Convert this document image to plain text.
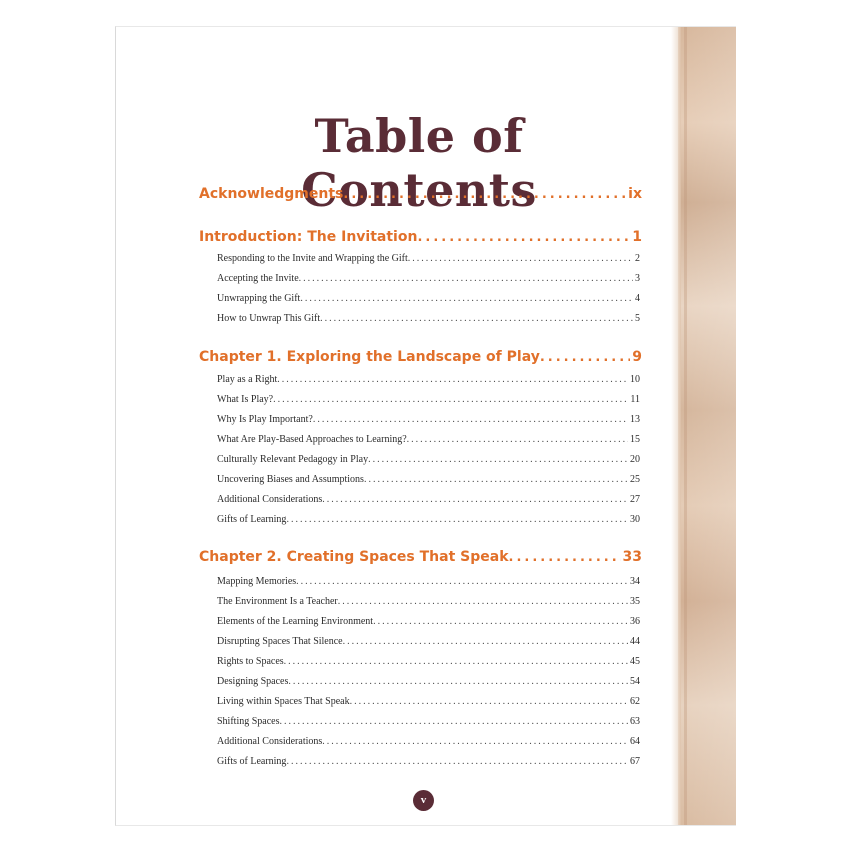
Table of Contents
Acknowledgments .....	ix
Introduction: The Invitation .....	1
Responding to the Invite and Wrapping the Gift .....	2
Accepting the Invite .....	3
Unwrapping the Gift .....	4
How to Unwrap This Gift .....	5
Chapter 1. Exploring the Landscape of Play .....	9
Play as a Right .....	10
What Is Play? .....	11
Why Is Play Important? .....	13
What Are Play-Based Approaches to Learning? .....	15
Culturally Relevant Pedagogy in Play .....	20
Uncovering Biases and Assumptions .....	25
Additional Considerations .....	27
Gifts of Learning .....	30
Chapter 2. Creating Spaces That Speak .....	33
Mapping Memories .....	34
The Environment Is a Teacher .....	35
Elements of the Learning Environment .....	36
Disrupting Spaces That Silence .....	44
Rights to Spaces .....	45
Designing Spaces .....	54
Living within Spaces That Speak .....	62
Shifting Spaces .....	63
Additional Considerations .....	64
Gifts of Learning .....	67
v
